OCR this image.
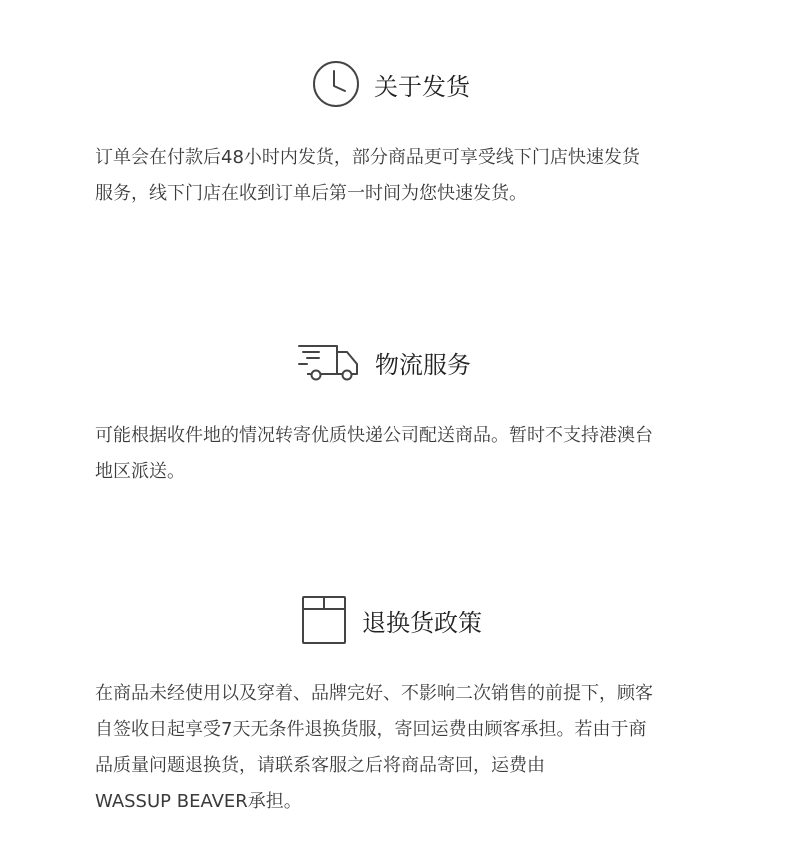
关于发货

订单会在付款后48小时内发货，部分商品更可享受线下门店快速发货
服务，线下门店在收到订单后第一时间为您快速发货。

物流服务

可能根据收件地的情况转寄优质快递公司配送商品。暂时不支持港澳台
地区派送。

退换货政策

在商品未经使用以及穿着、品牌完好、不影响二次销售的前提下，顾客
自签收日起享受7天无条件退换货服，寄回运费由顾客承担。若由于商
品质量问题退换货，请联系客服之后将商品寄回，运费由
WASSUP BEAVER承担。
